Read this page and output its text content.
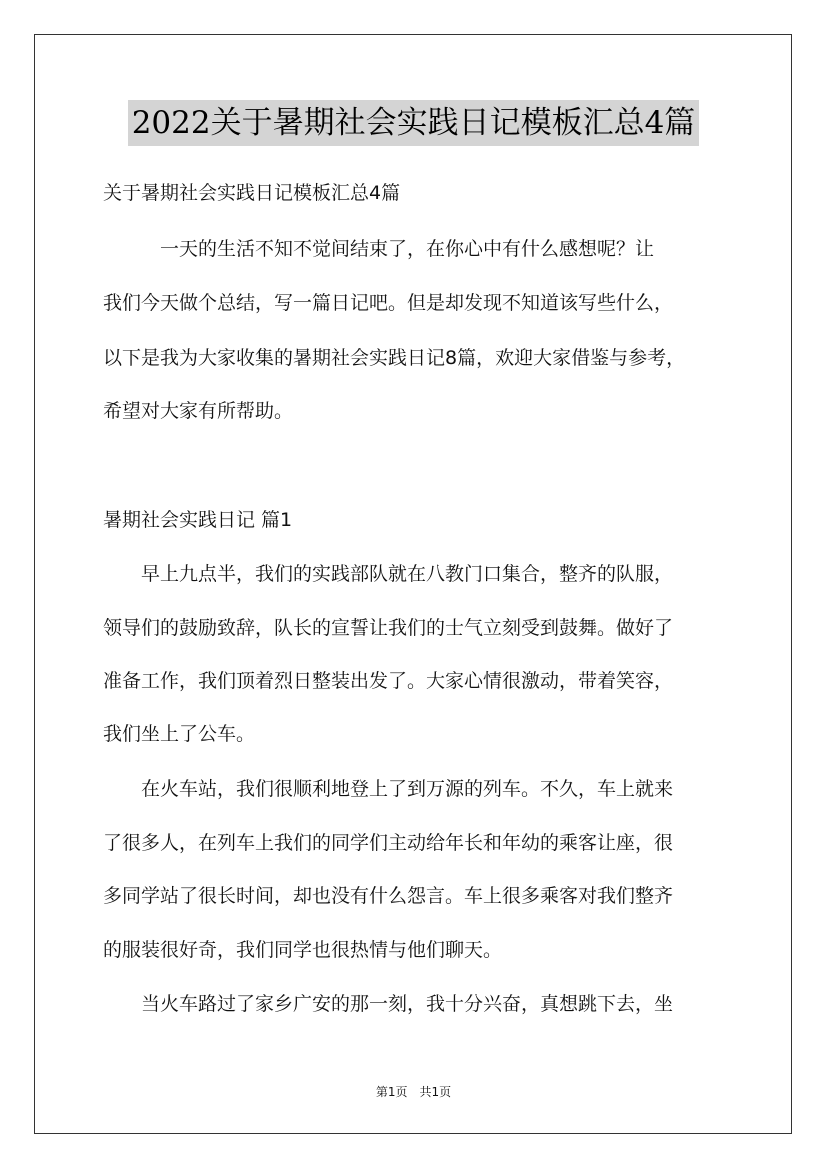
2022关于暑期社会实践日记模板汇总4篇
关于暑期社会实践日记模板汇总4篇
　　　一天的生活不知不觉间结束了，在你心中有什么感想呢？让
我们今天做个总结，写一篇日记吧。但是却发现不知道该写些什么，
以下是我为大家收集的暑期社会实践日记8篇，欢迎大家借鉴与参考，
希望对大家有所帮助。
暑期社会实践日记 篇1
　　早上九点半，我们的实践部队就在八教门口集合，整齐的队服，
领导们的鼓励致辞，队长的宣誓让我们的士气立刻受到鼓舞。做好了
准备工作，我们顶着烈日整装出发了。大家心情很激动，带着笑容，
我们坐上了公车。
　　在火车站，我们很顺利地登上了到万源的列车。不久，车上就来
了很多人，在列车上我们的同学们主动给年长和年幼的乘客让座，很
多同学站了很长时间，却也没有什么怨言。车上很多乘客对我们整齐
的服装很好奇，我们同学也很热情与他们聊天。
　　当火车路过了家乡广安的那一刻，我十分兴奋，真想跳下去，坐
第1页　共1页
